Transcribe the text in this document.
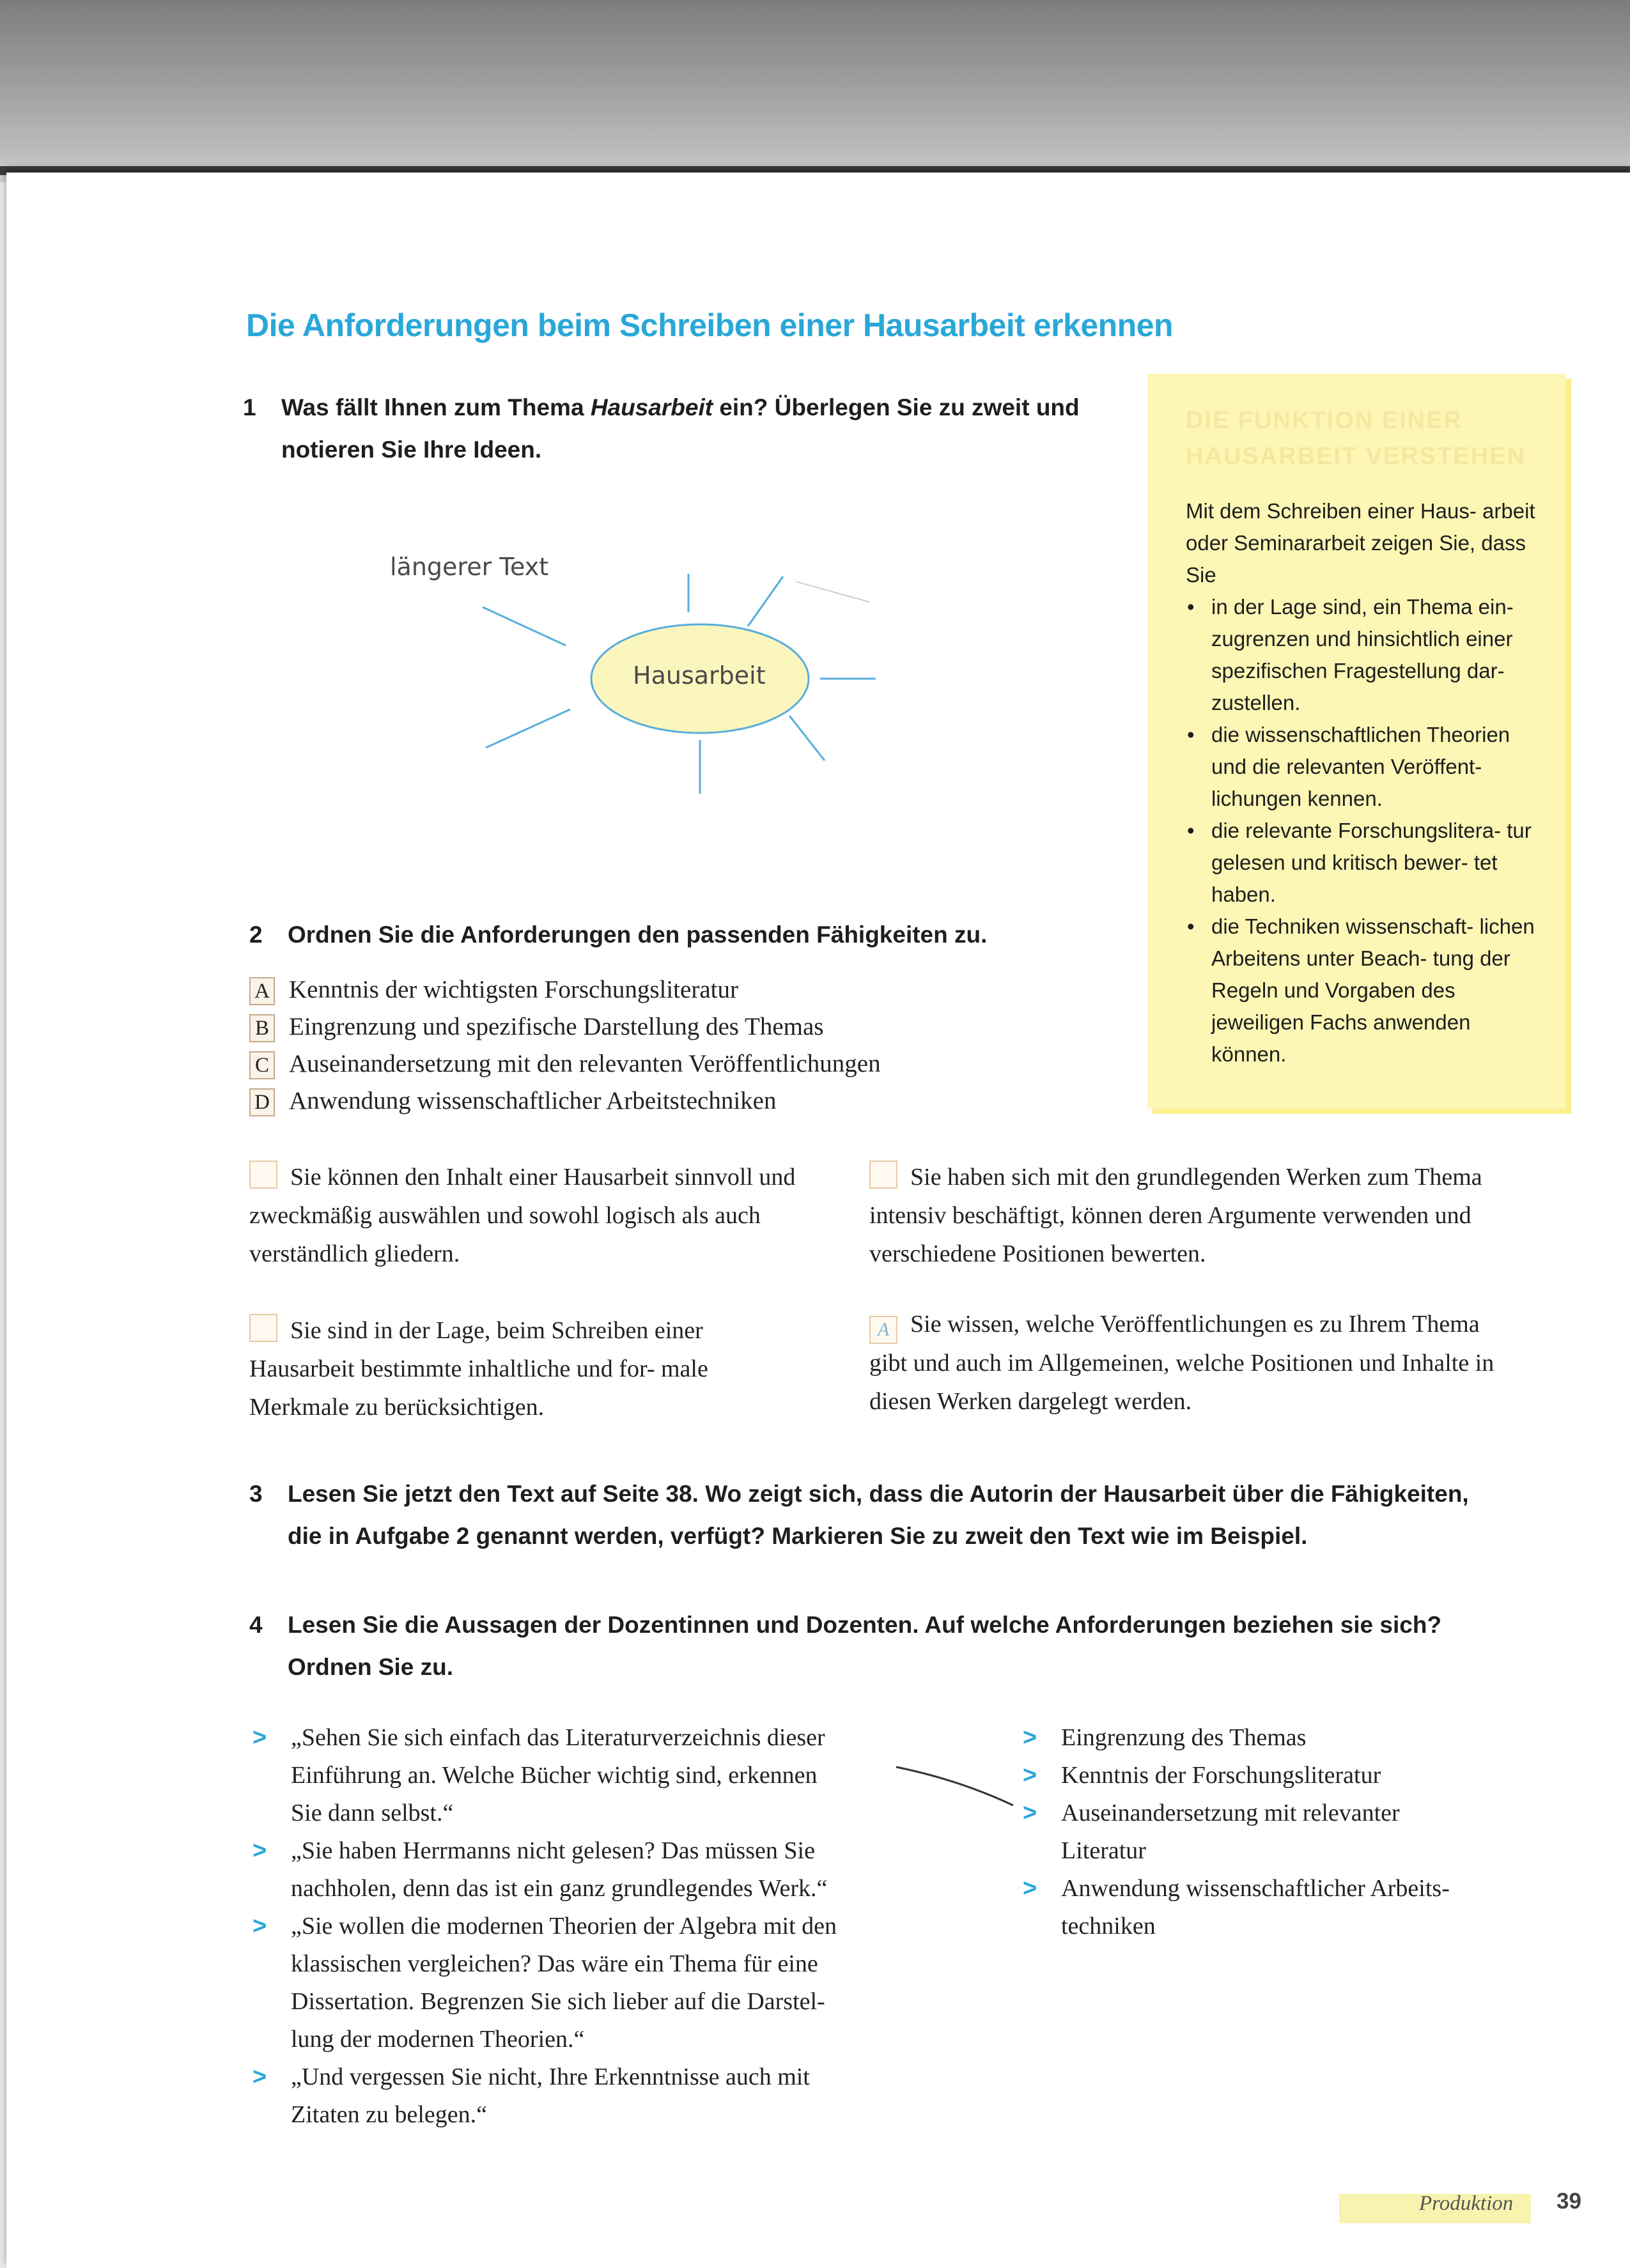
Die Anforderungen beim Schreiben einer Hausarbeit erkennen
1 Was fällt Ihnen zum Thema Hausarbeit ein? Überlegen Sie zu zweit und
notieren Sie Ihre Ideen.
längerer Text
Hausarbeit
DIE FUNKTION EINER
HAUSARBEIT VERSTEHEN
Mit dem Schreiben einer Haus- arbeit oder Seminararbeit zeigen Sie, dass Sie
• in der Lage sind, ein Thema ein- zugrenzen und hinsichtlich einer spezifischen Fragestellung dar- zustellen.
• die wissenschaftlichen Theorien und die relevanten Veröffent- lichungen kennen.
• die relevante Forschungslitera- tur gelesen und kritisch bewer- tet haben.
• die Techniken wissenschaft- lichen Arbeitens unter Beach- tung der Regeln und Vorgaben des jeweiligen Fachs anwenden können.
2 Ordnen Sie die Anforderungen den passenden Fähigkeiten zu.
A Kenntnis der wichtigsten Forschungsliteratur
B Eingrenzung und spezifische Darstellung des Themas
C Auseinandersetzung mit den relevanten Veröffentlichungen
D Anwendung wissenschaftlicher Arbeitstechniken
Sie können den Inhalt einer Hausarbeit sinnvoll und zweckmäßig auswählen und sowohl logisch als auch verständlich gliedern.
Sie haben sich mit den grundlegenden Werken zum Thema intensiv beschäftigt, können deren Argumente verwenden und verschiedene Positionen bewerten.
Sie sind in der Lage, beim Schreiben einer Hausarbeit bestimmte inhaltliche und for- male Merkmale zu berücksichtigen.
A Sie wissen, welche Veröffentlichungen es zu Ihrem Thema gibt und auch im Allgemeinen, welche Positionen und Inhalte in diesen Werken dargelegt werden.
3 Lesen Sie jetzt den Text auf Seite 38. Wo zeigt sich, dass die Autorin der Hausarbeit über die Fähigkeiten,
die in Aufgabe 2 genannt werden, verfügt? Markieren Sie zu zweit den Text wie im Beispiel.
4 Lesen Sie die Aussagen der Dozentinnen und Dozenten. Auf welche Anforderungen beziehen sie sich?
Ordnen Sie zu.
> „Sehen Sie sich einfach das Literaturverzeichnis dieser
Einführung an. Welche Bücher wichtig sind, erkennen
Sie dann selbst.“
> „Sie haben Herrmanns nicht gelesen? Das müssen Sie
nachholen, denn das ist ein ganz grundlegendes Werk.“
> „Sie wollen die modernen Theorien der Algebra mit den
klassischen vergleichen? Das wäre ein Thema für eine
Dissertation. Begrenzen Sie sich lieber auf die Darstel-
lung der modernen Theorien.“
> „Und vergessen Sie nicht, Ihre Erkenntnisse auch mit
Zitaten zu belegen.“
> Eingrenzung des Themas
> Kenntnis der Forschungsliteratur
> Auseinandersetzung mit relevanter
Literatur
> Anwendung wissenschaftlicher Arbeits-
techniken
Produktion 39
